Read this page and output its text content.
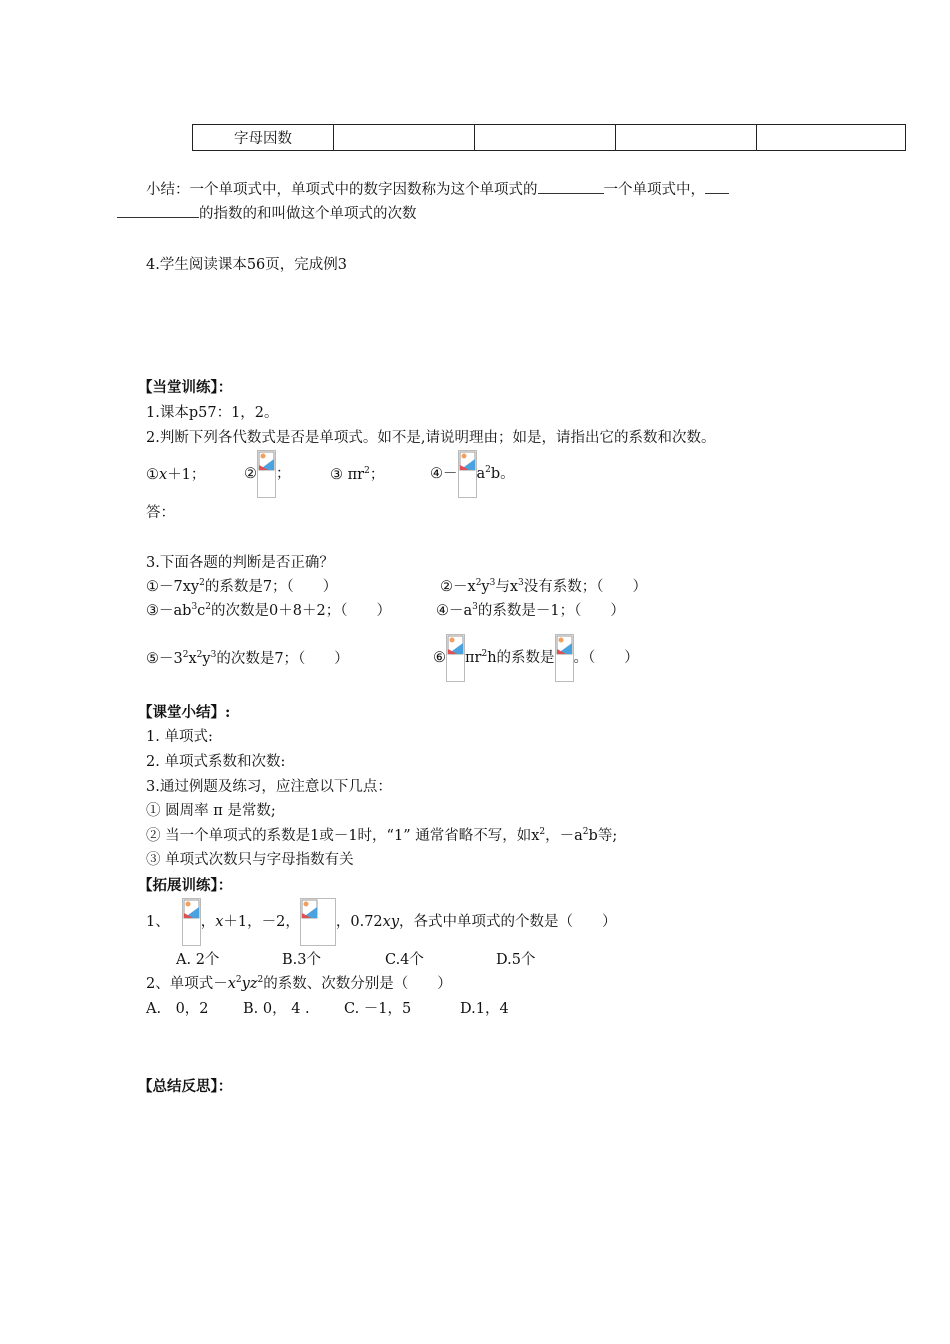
字母因数				
小结：一个单项式中，单项式中的数字因数称为这个单项式的	一个单项式中，
的指数的和叫做这个单项式的次数
4.学生阅读课本56页，完成例3
【当堂训练】：
1.课本p57：1，2。
2.判断下列各代数式是否是单项式。如不是,请说明理由；如是，请指出它的系数和次数。
①x＋1；	② ；	③ $\pi r^2$；	④－ $a^2b$。
答：
3.下面各题的判断是否正确？
$①-7xy^2$的系数是7；（　　）	$②-x^2y^3$与$x^3$没有系数；（　　）
$③-ab^3c^2$的次数是0＋8＋2；（　　）	$④-a^3$的系数是－1；（　　）
$⑤-3^2x^2y^3$的次数是7；（　　）	⑥ $\pi r^2h$的系数是 。（　　）
【课堂小结】:
1. 单项式:
2. 单项式系数和次数:
3.通过例题及练习，应注意以下几点：
① 圆周率 π 是常数;
② 当一个单项式的系数是1或－1时，“1” 通常省略不写，如$x^2$，$-a^2b$等;
③ 单项式次数只与字母指数有关
【拓展训练】：
1、 ，x＋1，－2， ，0.72xy，各式中单项式的个数是（　　）
A. 2个	B.3个	C.4个	D.5个
2、单项式$-x^2yz^2$的系数、次数分别是（　　）
A.　0，2 B. 0， 4 . C. －1，5	D.1，4
【总结反思】：
